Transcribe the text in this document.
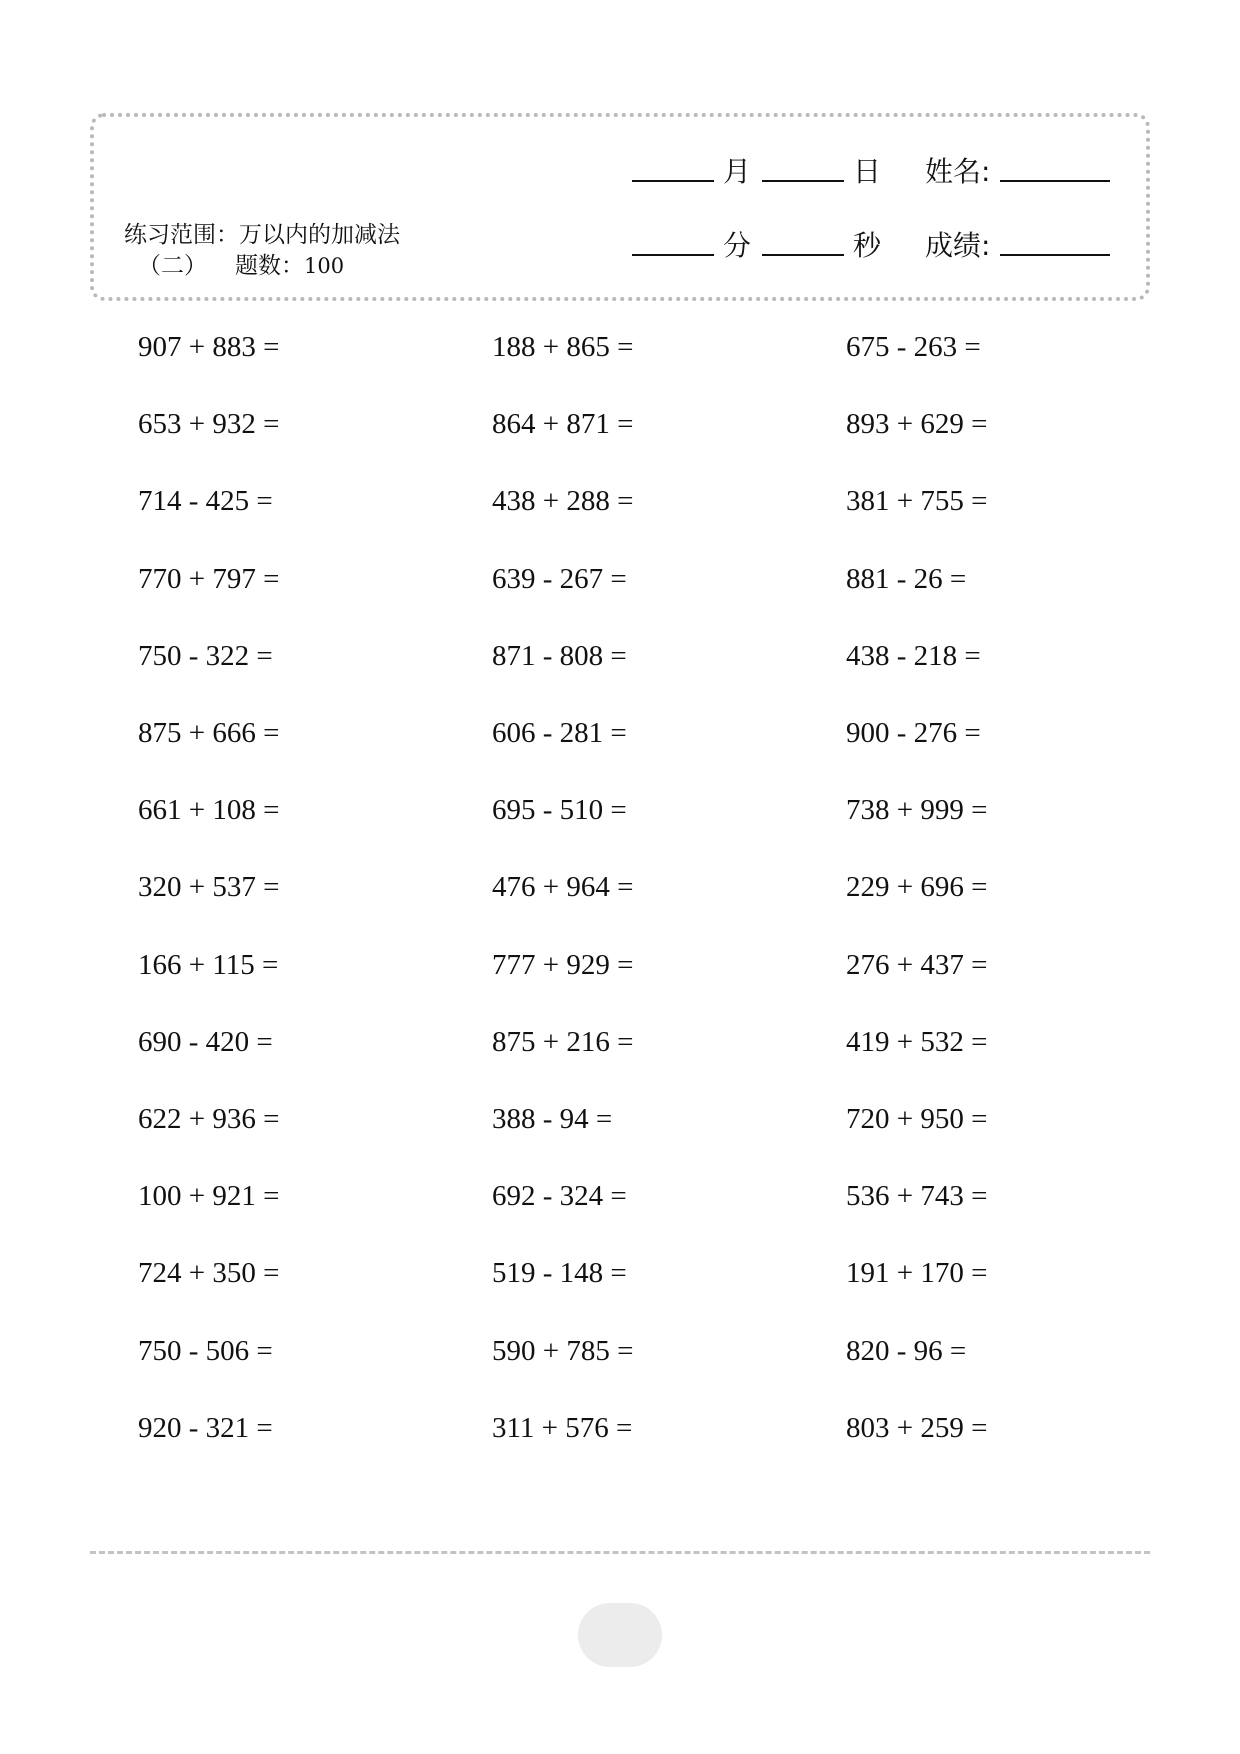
练习范围：万以内的加减法
（二） 题数：100
月	日 姓名:
分	秒 成绩:
907 + 883 =	188 + 865 =	675 - 263 =
653 + 932 =	864 + 871 =	893 + 629 =
714 - 425 =	438 + 288 =	381 + 755 =
770 + 797 =	639 - 267 =	881 - 26 =
750 - 322 =	871 - 808 =	438 - 218 =
875 + 666 =	606 - 281 =	900 - 276 =
661 + 108 =	695 - 510 =	738 + 999 =
320 + 537 =	476 + 964 =	229 + 696 =
166 + 115 =	777 + 929 =	276 + 437 =
690 - 420 =	875 + 216 =	419 + 532 =
622 + 936 =	388 - 94 =	720 + 950 =
100 + 921 =	692 - 324 =	536 + 743 =
724 + 350 =	519 - 148 =	191 + 170 =
750 - 506 =	590 + 785 =	820 - 96 =
920 - 321 =	311 + 576 =	803 + 259 =
